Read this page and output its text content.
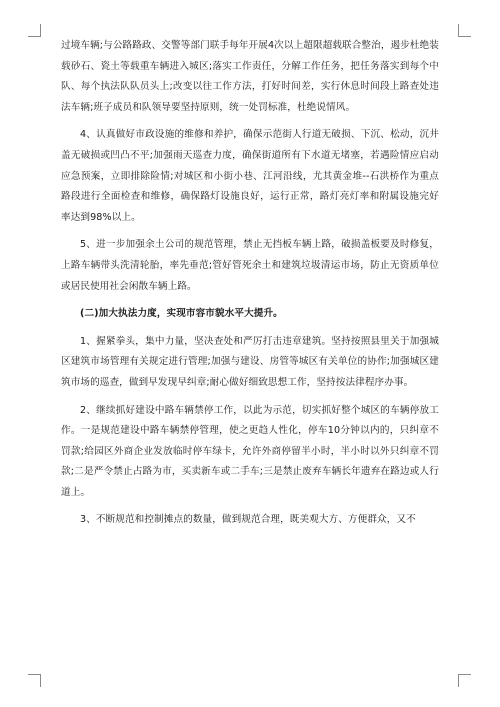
过境车辆;与公路路政、交警等部门联手每年开展4次以上超限超载联合整治，遏步杜绝装载砂石、瓷土等载重车辆进入城区;落实工作责任，分解工作任务，把任务落实到每个中队、每个执法队队员头上;改变以往工作方法，打好时间差，实行休息时间段上路查处违法车辆;班子成员和队领导要坚持原则，统一处罚标准，杜绝说情风。

4、认真做好市政设施的维修和养护，确保示范街人行道无破损、下沉、松动，沉井盖无破损或凹凸不平;加强雨天巡查力度，确保街道所有下水道无堵塞，若遇险情应启动应急预案，立即排除险情;对城区和小街小巷、江河沿线，尤其黄金堆--石洪桥作为重点路段进行全面检查和维修，确保路灯设施良好，运行正常，路灯亮灯率和附属设施完好率达到98%以上。

5、进一步加强余土公司的规范管理，禁止无挡板车辆上路，破损盖板要及时修复，上路车辆带头洗清轮胎，率先垂范;管好管死余土和建筑垃圾清运市场，防止无资质单位或居民使用社会闲散车辆上路。

(二)加大执法力度，实现市容市貌水平大提升。

1、握紧拳头，集中力量，坚决查处和严厉打击违章建筑。坚持按照县里关于加强城区建筑市场管理有关规定进行管理;加强与建设、房管等城区有关单位的协作;加强城区建筑市场的巡查，做到早发现早纠章;耐心做好细致思想工作，坚持按法律程序办事。

2、继续抓好建设中路车辆禁停工作，以此为示范，切实抓好整个城区的车辆停放工作。一是规范建设中路车辆禁停管理，使之更趋人性化，停车10分钟以内的，只纠章不罚款;给园区外商企业发放临时停车绿卡，允许外商停留半小时，半小时以外只纠章不罚款;二是严令禁止占路为市，买卖新车或二手车;三是禁止废弃车辆长年遗弃在路边或人行道上。

3、不断规范和控制摊点的数量，做到规范合理，既美观大方、方便群众，又不
